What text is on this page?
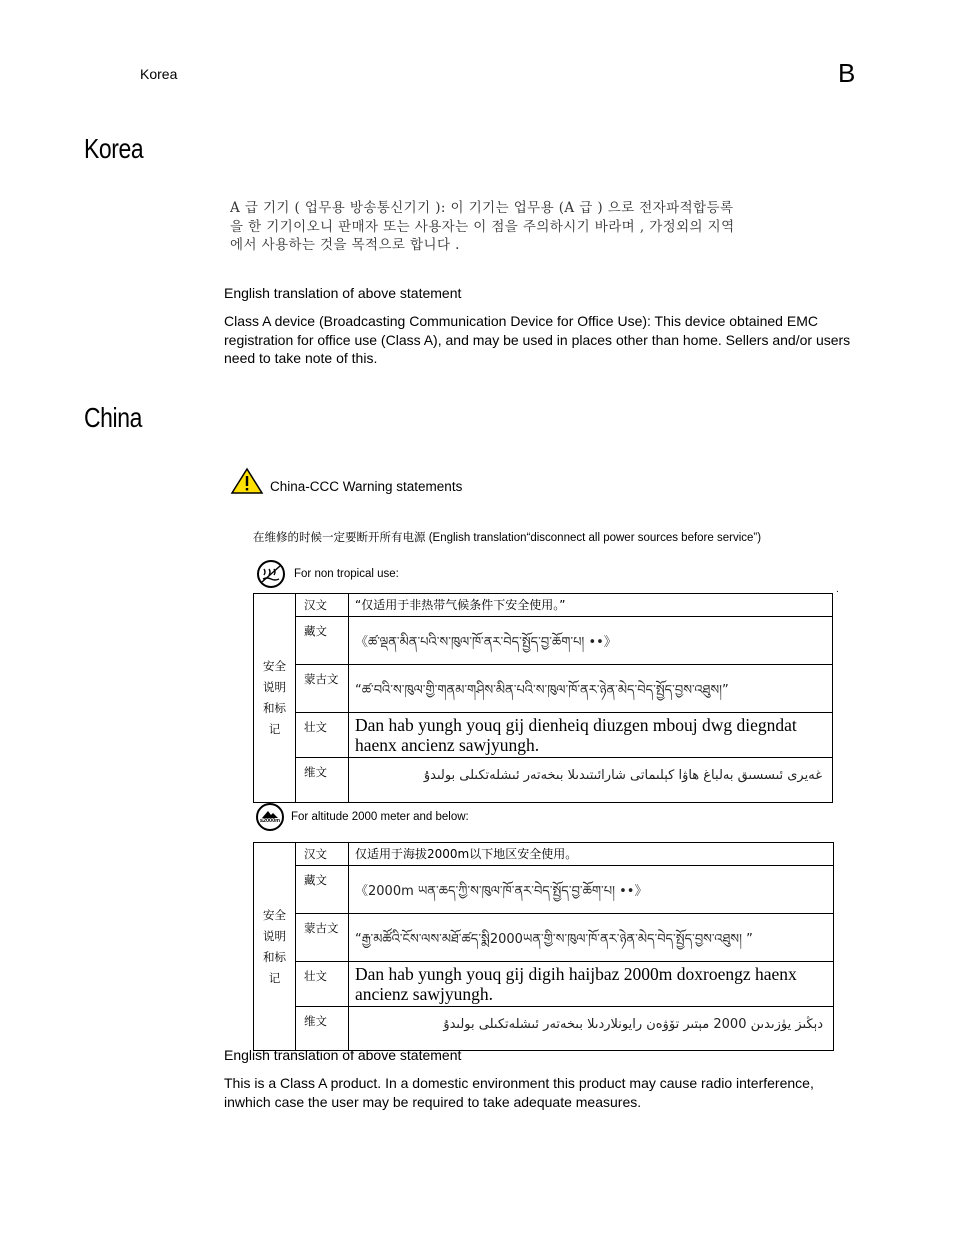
Korea	B
Korea
A 급 기기 ( 업무용 방송통신기기 ): 이 기기는 업무용 (A 급 ) 으로 전자파적합등록
을 한 기기이오니 판매자 또는 사용자는 이 점을 주의하시기 바라며 , 가정외의 지역
에서 사용하는 것을 목적으로 합니다 .
English translation of above statement
Class A device (Broadcasting Communication Device for Office Use): This device obtained EMC registration for office use (Class A), and may be used in places other than home. Sellers and/or users need to take note of this.
China
China-CCC Warning statements
在维修的时候一定要断开所有电源 (English translation“disconnect all power sources before service”)
For non tropical use:
.
安全
说明
和标
记	汉文	“仅适用于非热带气候条件下安全使用。”
	藏文	《ཚ་ལྡན་མིན་པའི་ས་ཁུལ་ཁོ་ནར་བེད་སྤྱོད་བྱ་ཆོག་པ། ••》
	蒙古文	“ཚ་བའི་ས་ཁུལ་གྱི་གནམ་གཤིས་མིན་པའི་ས་ཁུལ་ཁོ་ནར་ཉེན་མེད་བེད་སྤྱོད་བྱས་འཐུས།”
	壮文	Dan hab yungh youq gij dienheiq diuzgen mbouj dwg diegndat haenx ancienz sawjyungh.
	维文	غەيرى ئىسسىق بەلباغ ھاۋا كېلىماتى شارائىتىدىلا بىخەتەر ئىشلەتكىلى بولىدۇ
≤2000m For altitude 2000 meter and below:
安全
说明
和标
记	汉文	仅适用于海拔2000m以下地区安全使用。
	藏文	《2000m ཡན་ཆད་ཀྱི་ས་ཁུལ་ཁོ་ནར་བེད་སྤྱོད་བྱ་ཆོག་པ། ••》
	蒙古文	“རྒྱ་མཚོའི་ངོས་ལས་མཐོ་ཚད་སྨི2000ཡན་གྱི་ས་ཁུལ་ཁོ་ནར་ཉེན་མེད་བེད་སྤྱོད་བྱས་འཐུས། ”
	壮文	Dan hab yungh youq gij digih haijbaz 2000m doxroengz haenx ancienz sawjyungh.
	维文	دېڭىز يۈزىدىن 2000 مېتىر تۆۋەن رايونلاردىلا بىخەتەر ئىشلەتكىلى بولىدۇ
English translation of above statement
This is a Class A product. In a domestic environment this product may cause radio interference, inwhich case the user may be required to take adequate measures.
